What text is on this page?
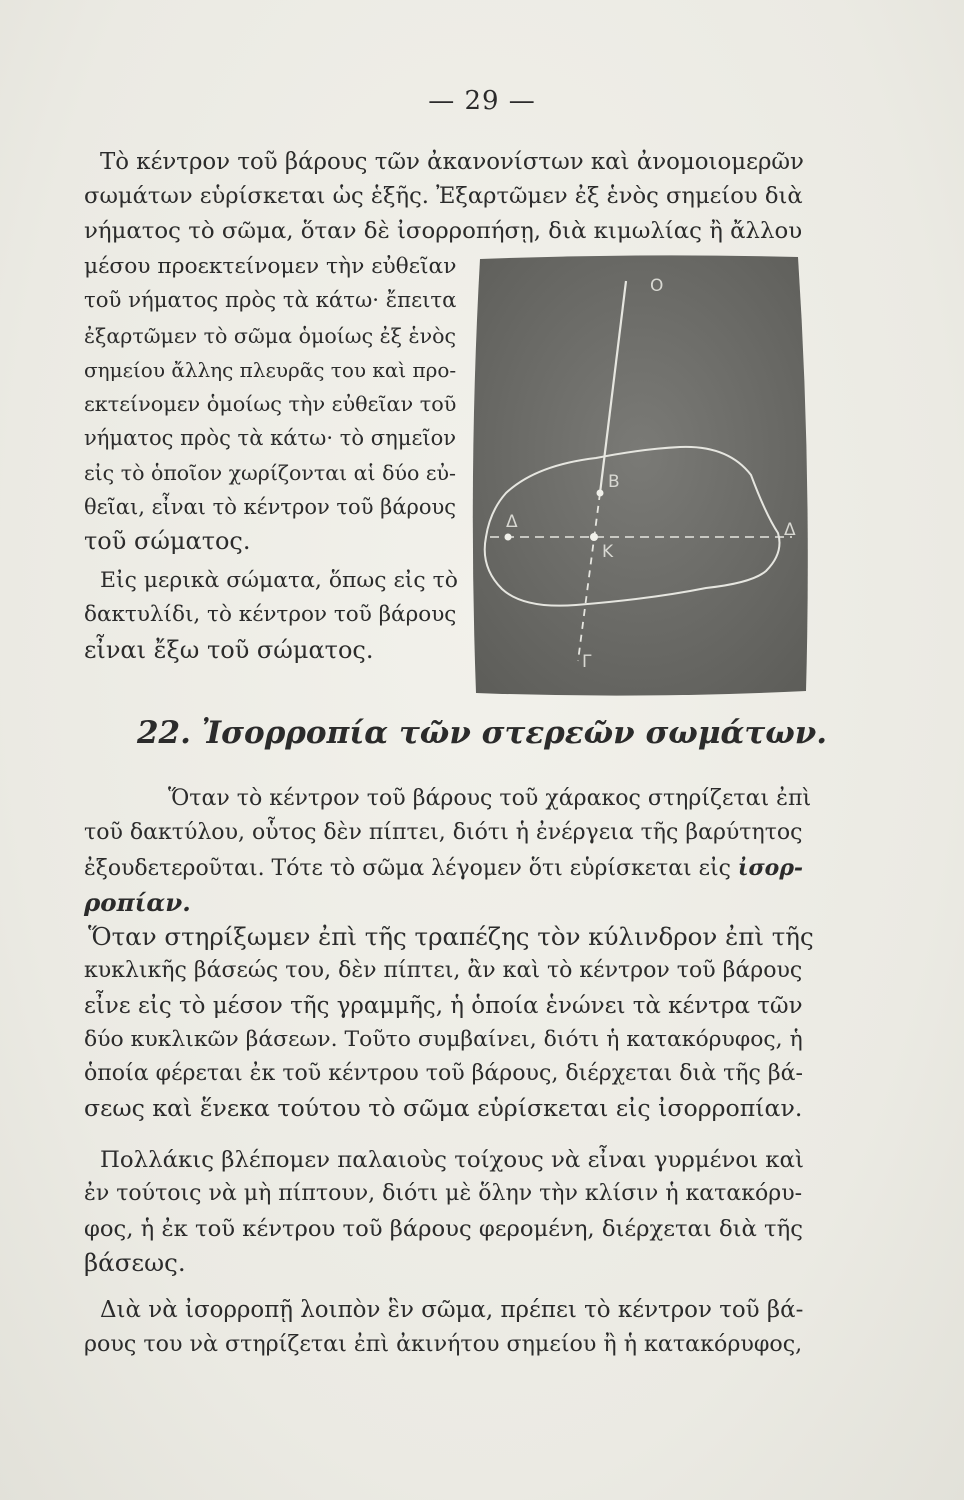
— 29 —

Τὸ κέντρον τοῦ βάρους τῶν ἀκανονίστων καὶ ἀνομοιομερῶν
σωμάτων εὑρίσκεται ὡς ἑξῆς. Ἐξαρτῶμεν ἐξ ἑνὸς σημείου διὰ
νήματος τὸ σῶμα, ὅταν δὲ ἰσορροπήσῃ, διὰ κιμωλίας ἢ ἄλλου

μέσου προεκτείνομεν τὴν εὐθεῖαν
τοῦ νήματος πρὸς τὰ κάτω· ἔπειτα
ἐξαρτῶμεν τὸ σῶμα ὁμοίως ἐξ ἑνὸς
σημείου ἄλλης πλευρᾶς του καὶ προ-
εκτείνομεν ὁμοίως τὴν εὐθεῖαν τοῦ
νήματος πρὸς τὰ κάτω· τὸ σημεῖον
εἰς τὸ ὁποῖον χωρίζονται αἱ δύο εὐ-
θεῖαι, εἶναι τὸ κέντρον τοῦ βάρους
τοῦ σώματος.

Εἰς μερικὰ σώματα, ὅπως εἰς τὸ
δακτυλίδι, τὸ κέντρον τοῦ βάρους
εἶναι ἔξω τοῦ σώματος.

O
B
Δ	Δ
K
Γ
22. Ἰσορροπία τῶν στερεῶν σωμάτων.

Ὅταν τὸ κέντρον τοῦ βάρους τοῦ χάρακος στηρίζεται ἐπὶ
τοῦ δακτύλου, οὗτος δὲν πίπτει, διότι ἡ ἐνέργεια τῆς βαρύτητος
ἐξουδετεροῦται. Τότε τὸ σῶμα λέγομεν ὅτι εὑρίσκεται εἰς ἰσορ-
ροπίαν.

Ὅταν στηρίξωμεν ἐπὶ τῆς τραπέζης τὸν κύλινδρον ἐπὶ τῆς
κυκλικῆς βάσεώς του, δὲν πίπτει, ἂν καὶ τὸ κέντρον τοῦ βάρους
εἶνε εἰς τὸ μέσον τῆς γραμμῆς, ἡ ὁποία ἑνώνει τὰ κέντρα τῶν
δύο κυκλικῶν βάσεων. Τοῦτο συμβαίνει, διότι ἡ κατακόρυφος, ἡ
ὁποία φέρεται ἐκ τοῦ κέντρου τοῦ βάρους, διέρχεται διὰ τῆς βά-
σεως καὶ ἕνεκα τούτου τὸ σῶμα εὑρίσκεται εἰς ἰσορροπίαν.

Πολλάκις βλέπομεν παλαιοὺς τοίχους νὰ εἶναι γυρμένοι καὶ
ἐν τούτοις νὰ μὴ πίπτουν, διότι μὲ ὅλην τὴν κλίσιν ἡ κατακόρυ-
φος, ἡ ἐκ τοῦ κέντρου τοῦ βάρους φερομένη, διέρχεται διὰ τῆς
βάσεως.

Διὰ νὰ ἰσορροπῇ λοιπὸν ἓν σῶμα, πρέπει τὸ κέντρον τοῦ βά-
ρους του νὰ στηρίζεται ἐπὶ ἀκινήτου σημείου ἢ ἡ κατακόρυφος,
